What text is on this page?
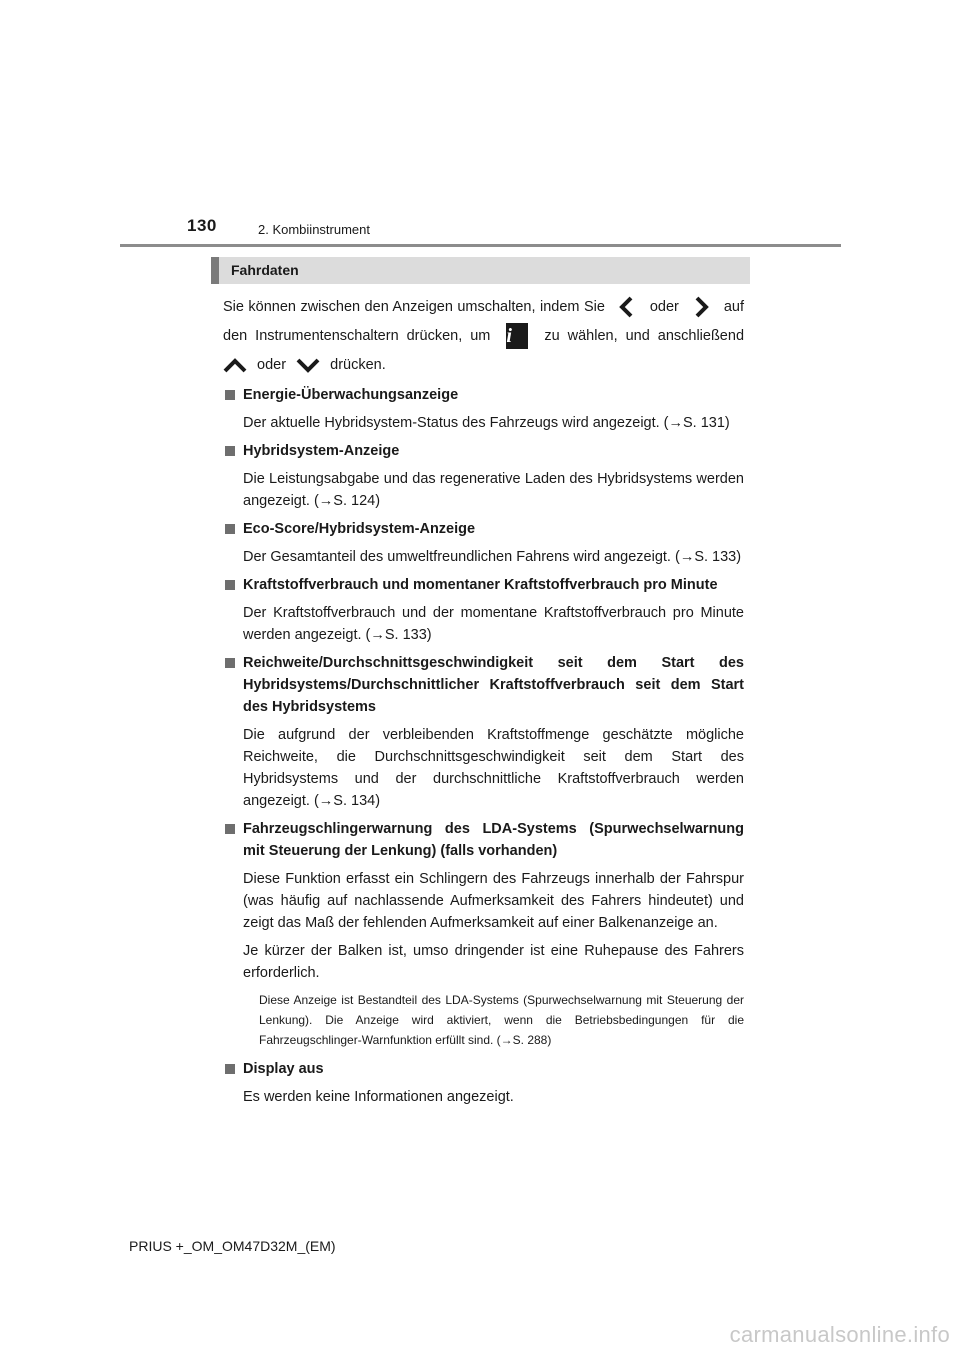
130	2. Kombiinstrument
Fahrdaten
Sie können zwischen den Anzeigen umschalten, indem Sie	oder	auf
den Instrumentenschaltern drücken, um i	zu wählen, und anschließend
oder	drücken.
Energie-Überwachungsanzeige

Der aktuelle Hybridsystem-Status des Fahrzeugs wird angezeigt. (→S. 131)

Hybridsystem-Anzeige

Die Leistungsabgabe und das regenerative Laden des Hybridsystems werden angezeigt. (→S. 124)

Eco-Score/Hybridsystem-Anzeige

Der Gesamtanteil des umweltfreundlichen Fahrens wird angezeigt. (→S. 133)

Kraftstoffverbrauch und momentaner Kraftstoffverbrauch pro Minute

Der Kraftstoffverbrauch und der momentane Kraftstoffverbrauch pro Minute werden angezeigt. (→S. 133)

Reichweite/Durchschnittsgeschwindigkeit seit dem Start des Hybridsystems/Durchschnittlicher Kraftstoffverbrauch seit dem Start des Hybridsystems

Die aufgrund der verbleibenden Kraftstoffmenge geschätzte mögliche Reichweite, die Durchschnittsgeschwindigkeit seit dem Start des Hybridsystems und der durchschnittliche Kraftstoffverbrauch werden angezeigt. (→S. 134)

Fahrzeugschlingerwarnung des LDA-Systems (Spurwechselwarnung mit Steuerung der Lenkung) (falls vorhanden)

Diese Funktion erfasst ein Schlingern des Fahrzeugs innerhalb der Fahrspur (was häufig auf nachlassende Aufmerksamkeit des Fahrers hindeutet) und zeigt das Maß der fehlenden Aufmerksamkeit auf einer Balkenanzeige an.

Je kürzer der Balken ist, umso dringender ist eine Ruhepause des Fahrers erforderlich.

Diese Anzeige ist Bestandteil des LDA-Systems (Spurwechselwarnung mit Steuerung der Lenkung). Die Anzeige wird aktiviert, wenn die Betriebsbedingungen für die Fahrzeugschlinger-Warnfunktion erfüllt sind. (→S. 288)
Display aus

Es werden keine Informationen angezeigt.

PRIUS +_OM_OM47D32M_(EM)
carmanualsonline.info
